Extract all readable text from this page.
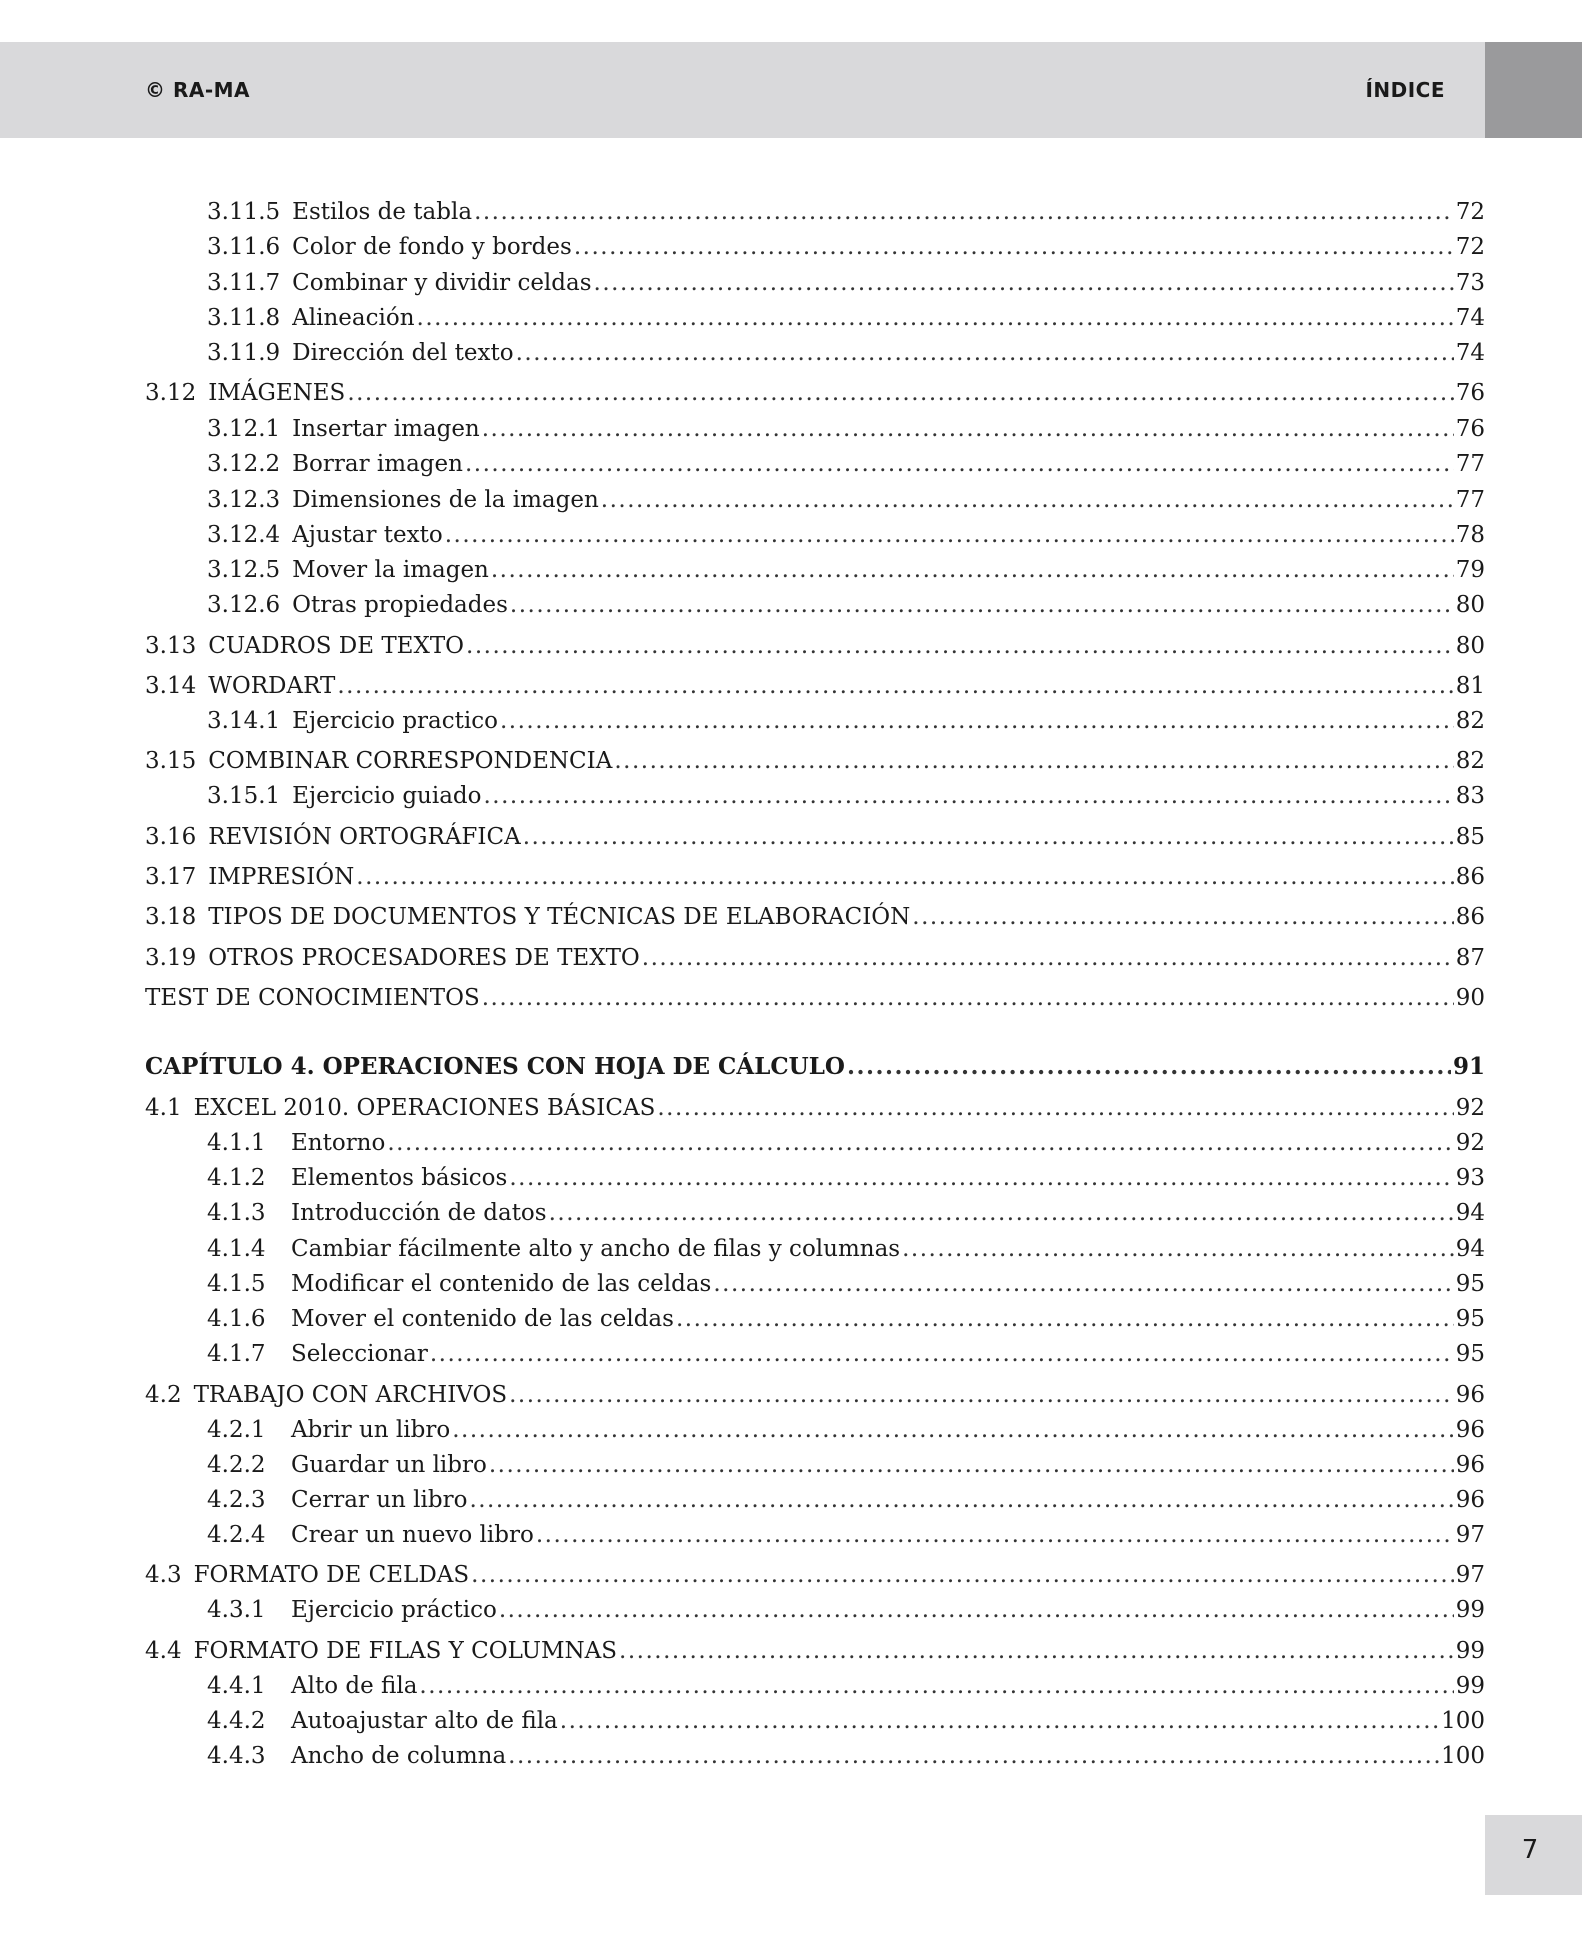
© RA-MA	ÍNDICE
3.11.5 Estilos de tabla .....	72
3.11.6 Color de fondo y bordes .....	72
3.11.7 Combinar y dividir celdas .....	73
3.11.8 Alineación .....	74
3.11.9 Dirección del texto .....	74
3.12 IMÁGENES .....	76
3.12.1 Insertar imagen .....	76
3.12.2 Borrar imagen .....	77
3.12.3 Dimensiones de la imagen .....	77
3.12.4 Ajustar texto .....	78
3.12.5 Mover la imagen .....	79
3.12.6 Otras propiedades .....	80
3.13 CUADROS DE TEXTO .....	80
3.14 WORDART .....	81
3.14.1 Ejercicio practico .....	82
3.15 COMBINAR CORRESPONDENCIA .....	82
3.15.1 Ejercicio guiado .....	83
3.16 REVISIÓN ORTOGRÁFICA .....	85
3.17 IMPRESIÓN .....	86
3.18 TIPOS DE DOCUMENTOS Y TÉCNICAS DE ELABORACIÓN .....	86
3.19 OTROS PROCESADORES DE TEXTO .....	87
TEST DE CONOCIMIENTOS .....	90
CAPÍTULO 4. OPERACIONES CON HOJA DE CÁLCULO .....	91
4.1 EXCEL 2010. OPERACIONES BÁSICAS .....	92
4.1.1	Entorno .....	92
4.1.2	Elementos básicos .....	93
4.1.3	Introducción de datos .....	94
4.1.4	Cambiar fácilmente alto y ancho de filas y columnas .....	94
4.1.5	Modificar el contenido de las celdas .....	95
4.1.6	Mover el contenido de las celdas .....	95
4.1.7	Seleccionar .....	95
4.2 TRABAJO CON ARCHIVOS .....	96
4.2.1	Abrir un libro .....	96
4.2.2	Guardar un libro .....	96
4.2.3	Cerrar un libro .....	96
4.2.4	Crear un nuevo libro .....	97
4.3 FORMATO DE CELDAS .....	97
4.3.1	Ejercicio práctico .....	99
4.4 FORMATO DE FILAS Y COLUMNAS .....	99
4.4.1	Alto de fila .....	99
4.4.2	Autoajustar alto de fila .....	100
4.4.3	Ancho de columna .....	100
7
